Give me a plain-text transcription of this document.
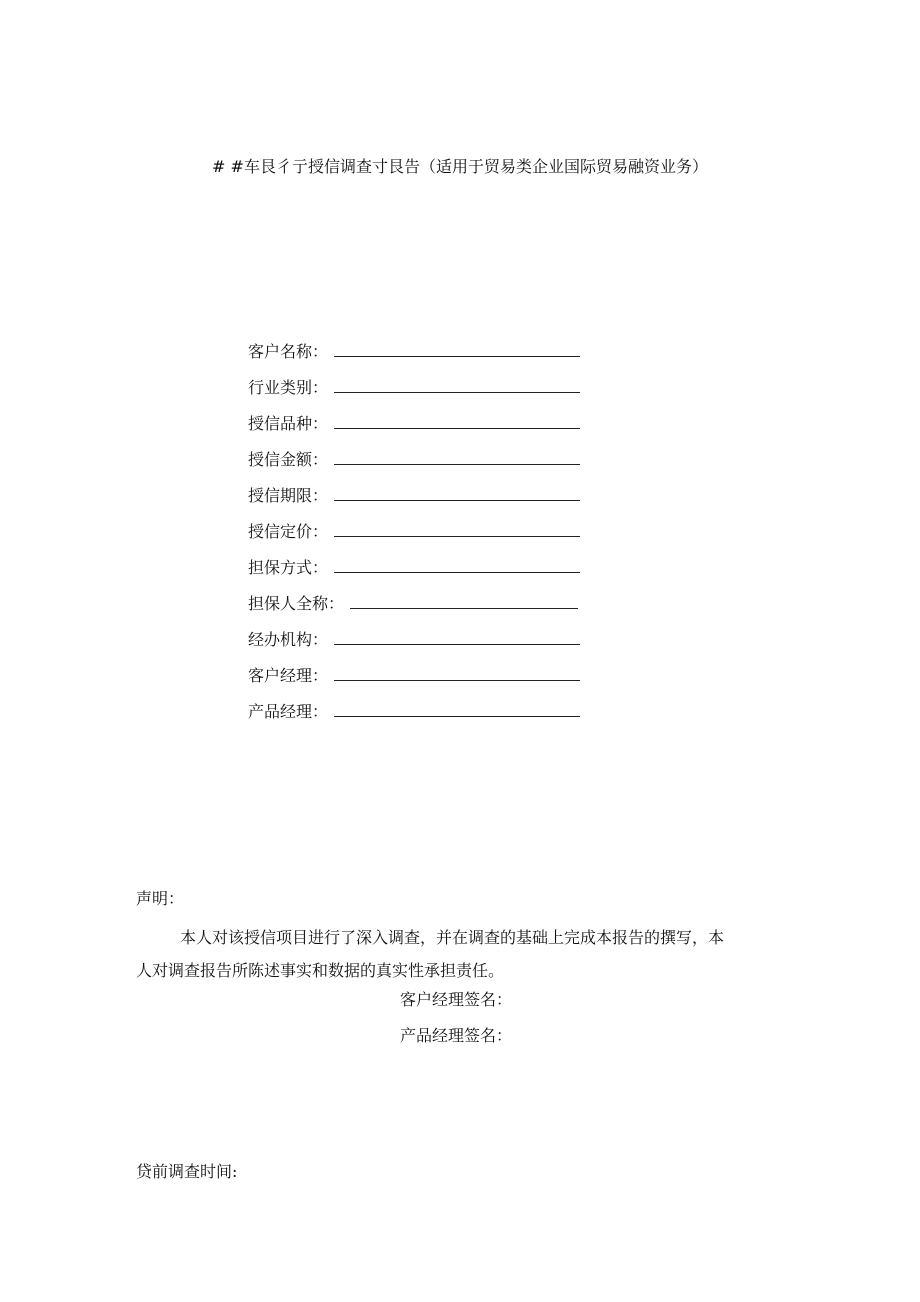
# #车艮彳亍授信调查寸艮告（适用于贸易类企业国际贸易融资业务）
客户名称：
行业类别：
授信品种：
授信金额：
授信期限：
授信定价：
担保方式：
担保人全称：
经办机构：
客户经理：
产品经理：

声明：

本人对该授信项目进行了深入调查，并在调查的基础上完成本报告的撰写，本人对调查报告所陈述事实和数据的真实性承担责任。

客户经理签名：
产品经理签名：
贷前调查时间:
